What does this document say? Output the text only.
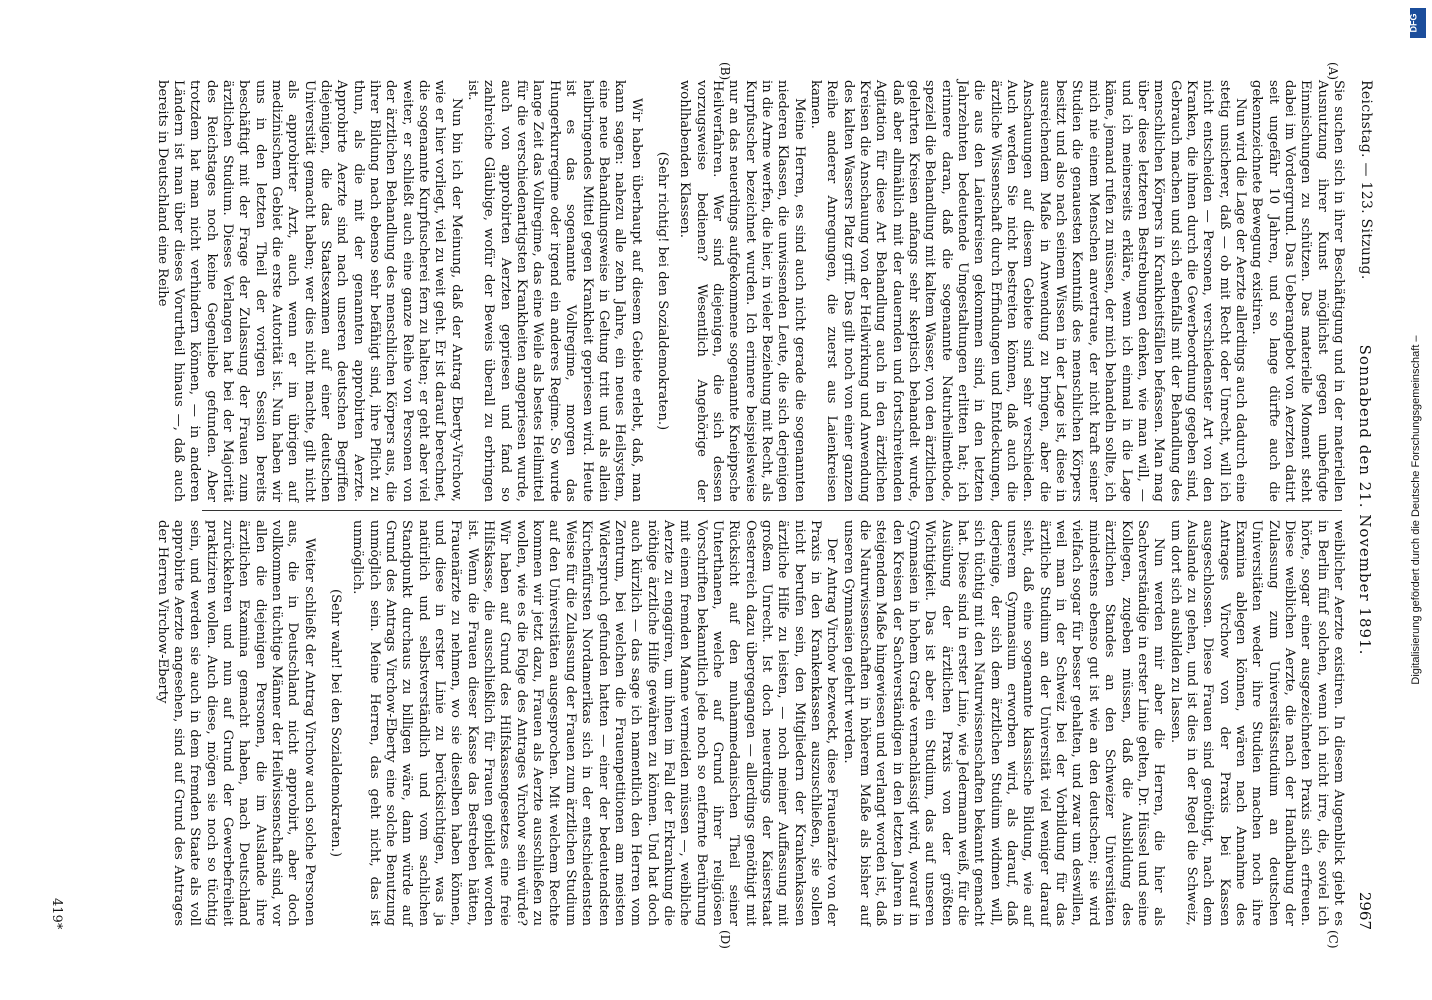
Reichstag. — 123. Sitzung.
Sonnabend den 21. November 1891.
2967
(A)
(B)
(C)
(D)

Sie suchen sich in ihrer Beschäftigung und in der materiellen Ausnutzung ihrer Kunst möglichst gegen unbefugte Einmischungen zu schützen. Das materielle Moment steht dabei im Vordergrund. Das Ueberangebot von Aerzten datirt seit ungefähr 10 Jahren, und so lange dürfte auch die gekennzeichnete Bewegung existiren.

Nun wird die Lage der Aerzte allerdings auch dadurch eine stetig unsicherer, daß — ob mit Recht oder Unrecht, will ich nicht entscheiden — Personen, verschiedenster Art von den Kranken, die ihnen durch die Gewerbeordnung gegeben sind, Gebrauch machen und sich ebenfalls mit der Behandlung des menschlichen Körpers in Krankheitsfällen befassen. Man mag über diese letzteren Bestrebungen denken, wie man will, — und ich meinerseits erkläre, wenn ich einmal in die Lage käme, jemand rufen zu müssen, der mich behandeln sollte, ich mich nie einem Menschen anvertraue, der nicht kraft seiner Studien die genauesten Kenntniß des menschlichen Körpers besitzt und also nach seinem Wissen in der Lage ist, diese in ausreichendem Maße in Anwendung zu bringen, aber die Anschauungen auf diesem Gebiete sind sehr verschieden. Auch werden Sie nicht bestreiten können, daß auch die ärztliche Wissenschaft durch Erfindungen und Entdeckungen, die aus den Laienkreisen gekommen sind, in den letzten Jahrzehnten bedeutende Umgestaltungen erlitten hat; ich erinnere daran, daß die sogenannte Naturheilmethode, speziell die Behandlung mit kaltem Wasser, von den ärztlichen gelehrten Kreisen anfangs sehr skeptisch behandelt wurde, daß aber allmählich mit der dauernden und fortschreitenden Agitation für diese Art Behandlung auch in den ärztlichen Kreisen die Anschauung von der Heilwirkung und Anwendung des kalten Wassers Platz griff. Das gilt noch von einer ganzen Reihe anderer Anregungen, die zuerst aus Laienkreisen kamen.

Meine Herren, es sind auch nicht gerade die sogenannten niederen Klassen, die unwissenden Leute, die sich derjenigen in die Arme werfen, die hier, in vieler Beziehung mit Recht, als Kurpfuscher bezeichnet wurden. Ich erinnere beispielsweise nur an das neuerdings aufgekommene sogenannte Kneippsche Heilverfahren. Wer sind diejenigen, die sich dessen vorzugsweise bedienen? Wesentlich Angehörige der wohlhabenden Klassen.

(Sehr richtig! bei den Sozialdemokraten.)

Wir haben überhaupt auf diesem Gebiete erlebt, daß, man kann sagen: nahezu alle zehn Jahre, ein neues Heilsystem, eine neue Behandlungsweise in Geltung tritt und als allein heilbringendes Mittel gegen Krankheit gepriesen wird. Heute ist es das sogenannte Vollregime, morgen das Hungerkurregime oder irgend ein anderes Regime. So wurde lange Zeit das Vollregime, das eine Weile als bestes Heilmittel für die verschiedenartigsten Krankheiten angepriesen wurde, auch von approbirten Aerzten gepriesen und fand so zahlreiche Gläubige, wofür der Beweis überall zu erbringen ist.

Nun bin ich der Meinung, daß der Antrag Eberty-Virchow, wie er hier vorliegt, viel zu weit geht. Er ist darauf berechnet, die sogenannte Kurpfuscherei fern zu halten; er geht aber viel weiter, er schließt auch eine ganze Reihe von Personen von der ärztlichen Behandlung des menschlichen Körpers aus, die ihrer Bildung nach ebenso sehr befähigt sind, ihre Pflicht zu thun, als die mit der genannten approbirten Aerzte. Approbirte Aerzte sind nach unseren deutschen Begriffen diejenigen, die das Staatsexamen auf einer deutschen Universität gemacht haben; wer dies nicht machte, gilt nicht als approbirter Arzt, auch wenn er im übrigen auf medizinischem Gebiet die erste Autorität ist. Nun haben wir uns in den letzten Theil der vorigen Session bereits beschäftigt mit der Frage der Zulassung der Frauen zum ärztlichen Studium. Dieses Verlangen hat bei der Majorität des Reichstages noch keine Gegenliebe gefunden. Aber trotzdem hat man nicht verhindern können, — in anderen Ländern ist man über dieses Vorurtheil hinaus —, daß auch bereits in Deutschland eine Reihe

weiblicher Aerzte existiren. In diesem Augenblick giebt es in Berlin fünf solchen, wenn ich nicht irre, die, soviel ich hörte, sogar einer ausgezeichneten Praxis sich erfreuen. Diese weiblichen Aerzte, die nach der Handhabung der Zulassung zum Universitätsstudium an deutschen Universitäten weder ihre Studien machen noch ihre Examina ablegen können, wären nach Annahme des Antrages Virchow von der Praxis bei Kassen ausgeschlossen. Diese Frauen sind genöthigt, nach dem Auslande zu gehen, und ist dies in der Regel die Schweiz, um dort sich ausbilden zu lassen.

Nun werden mir aber die Herren, die hier als Sachverständige in erster Linie gelten, Dr. Hüssel und seine Kollegen, zugeben müssen, daß die Ausbildung des ärztlichen Standes an den Schweizer Universitäten mindestens ebenso gut ist wie an den deutschen; sie wird vielfach sogar für besser gehalten, und zwar um deswillen, weil man in der Schweiz bei der Vorbildung für das ärztliche Studium an der Universität viel weniger darauf sieht, daß eine sogenannte klassische Bildung, wie auf unserem Gymnasium erworben wird, als darauf, daß derjenige, der sich dem ärztlichen Studium widmen will, sich tüchtig mit den Naturwissenschaften bekannt gemacht hat. Diese sind in erster Linie, wie Jedermann weiß, für die Ausübung der ärztlichen Praxis von der größten Wichtigkeit. Das ist aber ein Studium, das auf unseren Gymnasien in hohem Grade vernachlässigt wird, worauf in den Kreisen der Sachverständigen in den letzten Jahren in steigendem Maße hingewiesen und verlangt worden ist, daß die Naturwissenschaften in höherem Maße als bisher auf unseren Gymnasien gelehrt werden.

Der Antrag Virchow bezweckt, diese Frauenärzte von der Praxis in den Krankenkassen auszuschließen, sie sollen nicht berufen sein, den Mitgliedern der Krankenkassen ärztliche Hilfe zu leisten, — noch meiner Auffassung mit großem Unrecht. Ist doch neuerdings der Kaiserstaat Oesterreich dazu übergegangen — allerdings genöthigt mit Rücksicht auf den muhammedanischen Theil seiner Unterthanen, welche auf Grund ihrer religiösen Vorschriften bekanntlich jede noch so entfernte Berührung mit einem fremden Manne vermeiden müssen —, weibliche Aerzte zu engagiren, um ihnen im Fall der Erkrankung die nöthige ärztliche Hilfe gewähren zu können. Und hat doch auch kürzlich — das sage ich namentlich den Herren vom Zentrum, bei welchen die Frauenpetitionen am meisten Widerspruch gefunden hatten — einer der bedeutendsten Kirchenfürsten Nordamerikas sich in der entschiedensten Weise für die Zulassung der Frauen zum ärztlichen Studium auf den Universitäten ausgesprochen. Mit welchem Rechte kommen wir jetzt dazu, Frauen als Aerzte ausschließen zu wollen, wie es die Folge des Antrages Virchow sein würde? Wir haben auf Grund des Hilfskassengesetzes eine freie Hilfskasse, die ausschließlich für Frauen gebildet worden ist. Wenn die Frauen dieser Kasse das Bestreben hätten, Frauenärzte zu nehmen, wo sie dieselben haben können, und diese in erster Linie zu berücksichtigen, was ja natürlich und selbstverständlich und vom sachlichen Standpunkt durchaus zu billigen wäre, dann würde auf Grund des Antrags Virchow-Eberty eine solche Benutzung unmöglich sein. Meine Herren, das geht nicht, das ist unmöglich.

(Sehr wahr! bei den Sozialdemokraten.)

Weiter schließt der Antrag Virchow auch solche Personen aus, die in Deutschland nicht approbirt, aber doch vollkommen tüchtige Männer der Heilwissenschaft sind, vor allen die diejenigen Personen, die im Auslande ihre ärztlichen Examina gemacht haben, nach Deutschland zurückkehren und nun auf Grund der Gewerbefreiheit praktiziren wollen. Auch diese, mögen sie noch so tüchtig sein, und werden sie auch in dem fremden Staate als voll approbirte Aerzte angesehen, sind auf Grund des Antrages der Herren Virchow-Eberty

419*
Digitalisierung gefördert durch die Deutsche Forschungsgemeinschaft –
DFG
